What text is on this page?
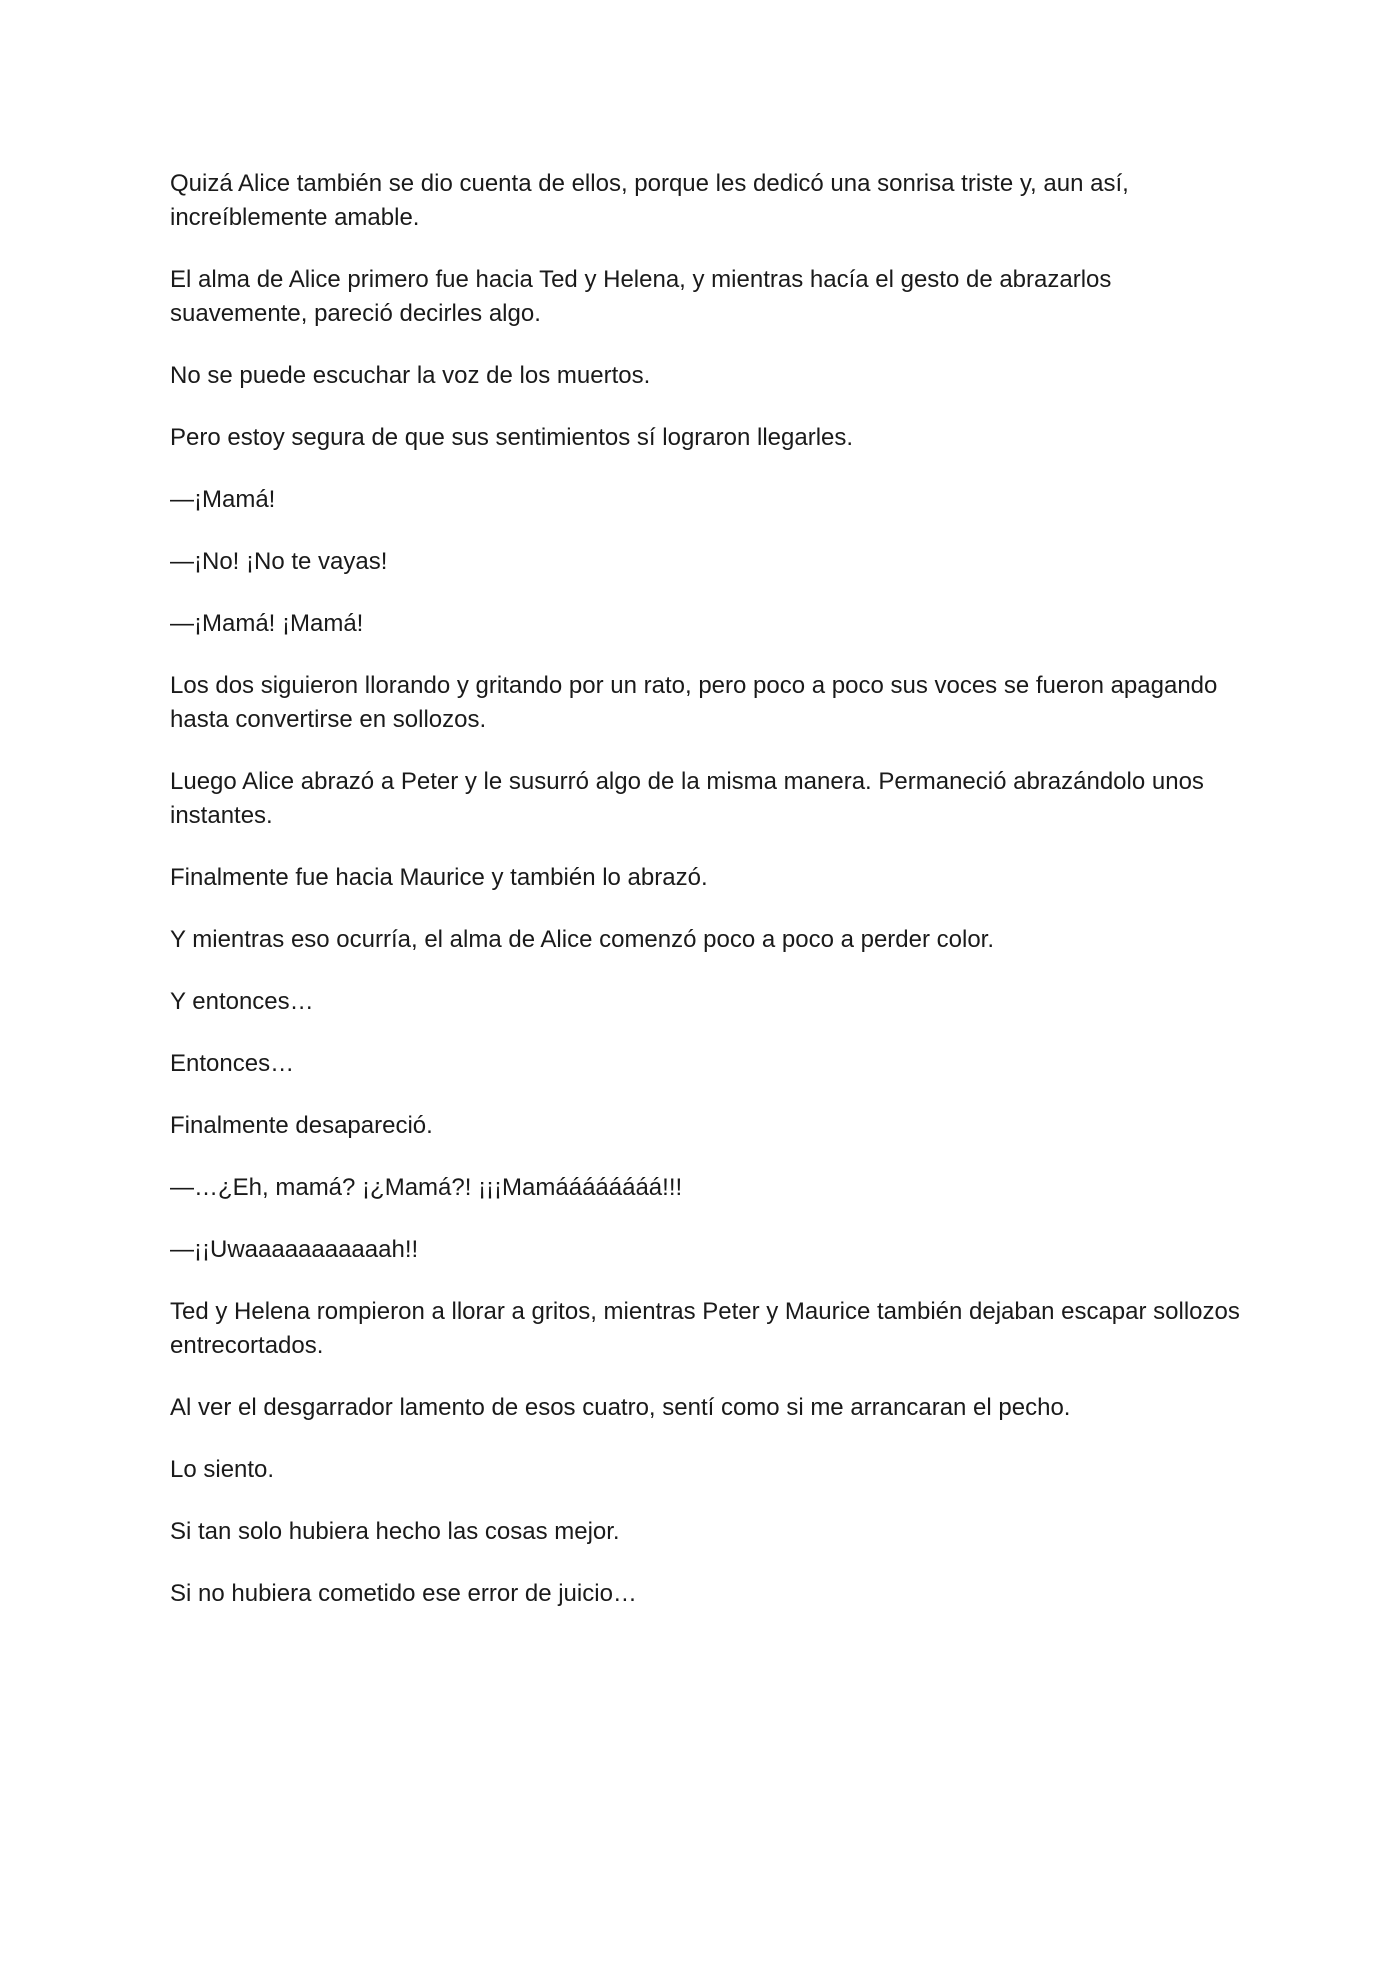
Quizá Alice también se dio cuenta de ellos, porque les dedicó una sonrisa triste y, aun así, increíblemente amable.

El alma de Alice primero fue hacia Ted y Helena, y mientras hacía el gesto de abrazarlos suavemente, pareció decirles algo.

No se puede escuchar la voz de los muertos.

Pero estoy segura de que sus sentimientos sí lograron llegarles.

—¡Mamá!

—¡No! ¡No te vayas!

—¡Mamá! ¡Mamá!

Los dos siguieron llorando y gritando por un rato, pero poco a poco sus voces se fueron apagando hasta convertirse en sollozos.

Luego Alice abrazó a Peter y le susurró algo de la misma manera. Permaneció abrazándolo unos instantes.

Finalmente fue hacia Maurice y también lo abrazó.

Y mientras eso ocurría, el alma de Alice comenzó poco a poco a perder color.

Y entonces…

Entonces…

Finalmente desapareció.

—…¿Eh, mamá? ¡¿Mamá?! ¡¡¡Mamáááááááá!!!

—¡¡Uwaaaaaaaaaaah!!

Ted y Helena rompieron a llorar a gritos, mientras Peter y Maurice también dejaban escapar sollozos entrecortados.

Al ver el desgarrador lamento de esos cuatro, sentí como si me arrancaran el pecho.

Lo siento.

Si tan solo hubiera hecho las cosas mejor.

Si no hubiera cometido ese error de juicio…
